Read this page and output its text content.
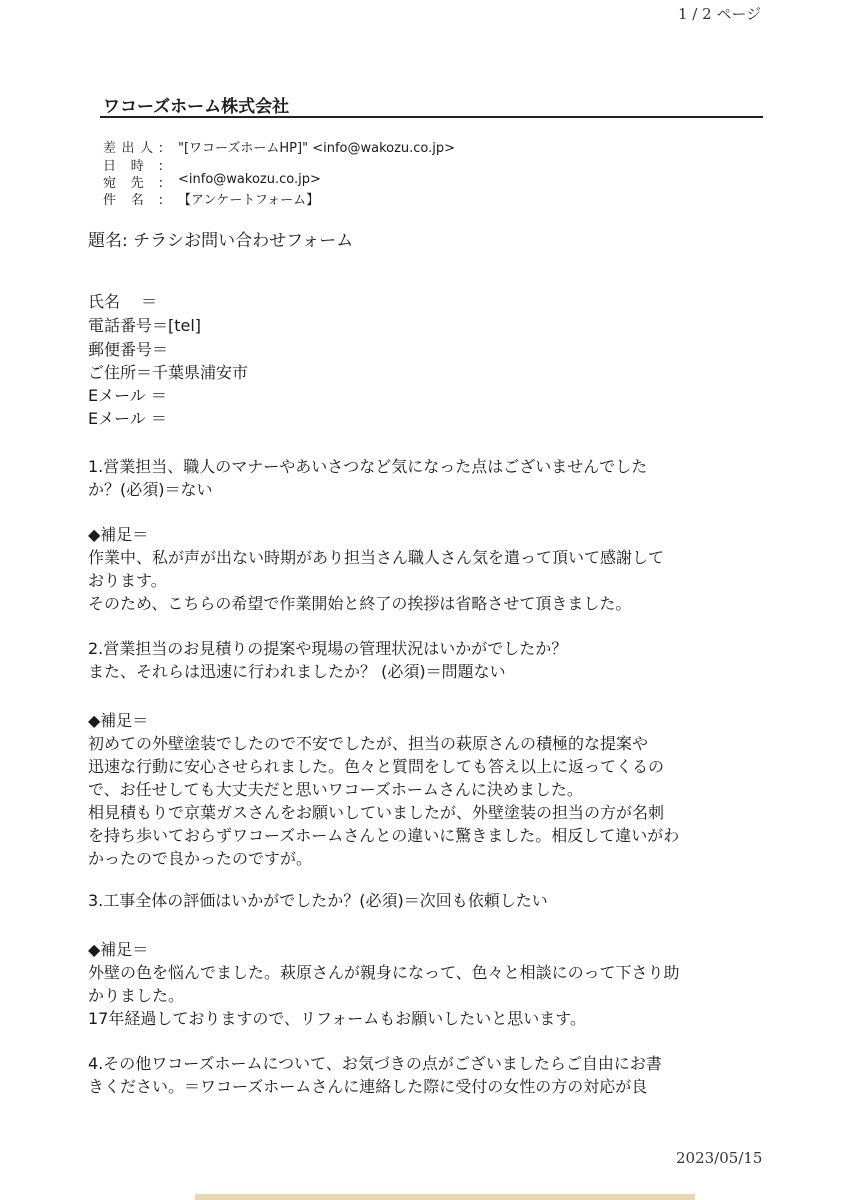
1 / 2 ページ
ワコーズホーム株式会社
差出人: "[ワコーズホームHP]" <info@wakozu.co.jp>
日時:
宛先: <info@wakozu.co.jp>
件名: 【アンケートフォーム】
題名: チラシお問い合わせフォーム
氏名　 ＝
電話番号＝[tel]
郵便番号＝
ご住所＝千葉県浦安市
Eメール ＝
Eメール ＝
1.営業担当、職人のマナーやあいさつなど気になった点はございませんでした
か？(必須)＝ない
◆補足＝
作業中、私が声が出ない時期があり担当さん職人さん気を遣って頂いて感謝して
おります。
そのため、こちらの希望で作業開始と終了の挨拶は省略させて頂きました。
2.営業担当のお見積りの提案や現場の管理状況はいかがでしたか？
また、それらは迅速に行われましたか？ (必須)＝問題ない
◆補足＝
初めての外壁塗装でしたので不安でしたが、担当の萩原さんの積極的な提案や
迅速な行動に安心させられました。色々と質問をしても答え以上に返ってくるの
で、お任せしても大丈夫だと思いワコーズホームさんに決めました。
相見積もりで京葉ガスさんをお願いしていましたが、外壁塗装の担当の方が名刺
を持ち歩いておらずワコーズホームさんとの違いに驚きました。相反して違いがわ
かったので良かったのですが。
3.工事全体の評価はいかがでしたか？(必須)＝次回も依頼したい
◆補足＝
外壁の色を悩んでました。萩原さんが親身になって、色々と相談にのって下さり助
かりました。
17年経過しておりますので、リフォームもお願いしたいと思います。
4.その他ワコーズホームについて、お気づきの点がございましたらご自由にお書
きください。＝ワコーズホームさんに連絡した際に受付の女性の方の対応が良
2023/05/15
